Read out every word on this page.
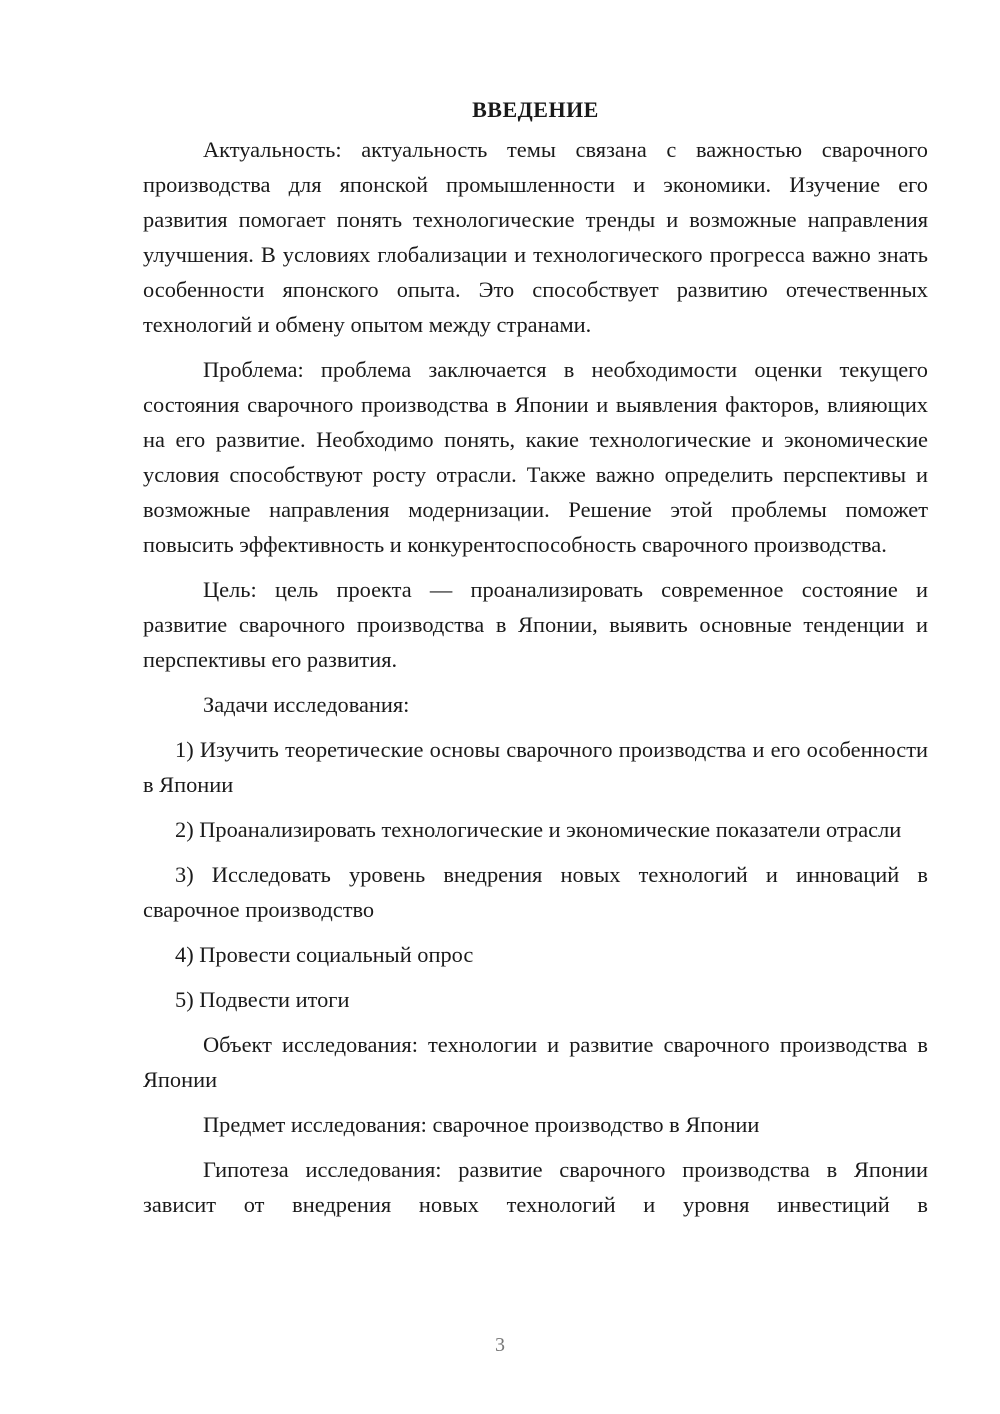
ВВЕДЕНИЕ

Актуальность: актуальность темы связана с важностью сварочного производства для японской промышленности и экономики. Изучение его развития помогает понять технологические тренды и возможные направления улучшения. В условиях глобализации и технологического прогресса важно знать особенности японского опыта. Это способствует развитию отечественных технологий и обмену опытом между странами.

Проблема: проблема заключается в необходимости оценки текущего состояния сварочного производства в Японии и выявления факторов, влияющих на его развитие. Необходимо понять, какие технологические и экономические условия способствуют росту отрасли. Также важно определить перспективы и возможные направления модернизации. Решение этой проблемы поможет повысить эффективность и конкурентоспособность сварочного производства.

Цель: цель проекта — проанализировать современное состояние и развитие сварочного производства в Японии, выявить основные тенденции и перспективы его развития.

Задачи исследования:

1) Изучить теоретические основы сварочного производства и его особенности в Японии

2) Проанализировать технологические и экономические показатели отрасли

3) Исследовать уровень внедрения новых технологий и инноваций в сварочное производство

4) Провести социальный опрос

5) Подвести итоги

Объект исследования: технологии и развитие сварочного производства в Японии

Предмет исследования: сварочное производство в Японии

Гипотеза исследования: развитие сварочного производства в Японии зависит от внедрения новых технологий и уровня инвестиций в

3
